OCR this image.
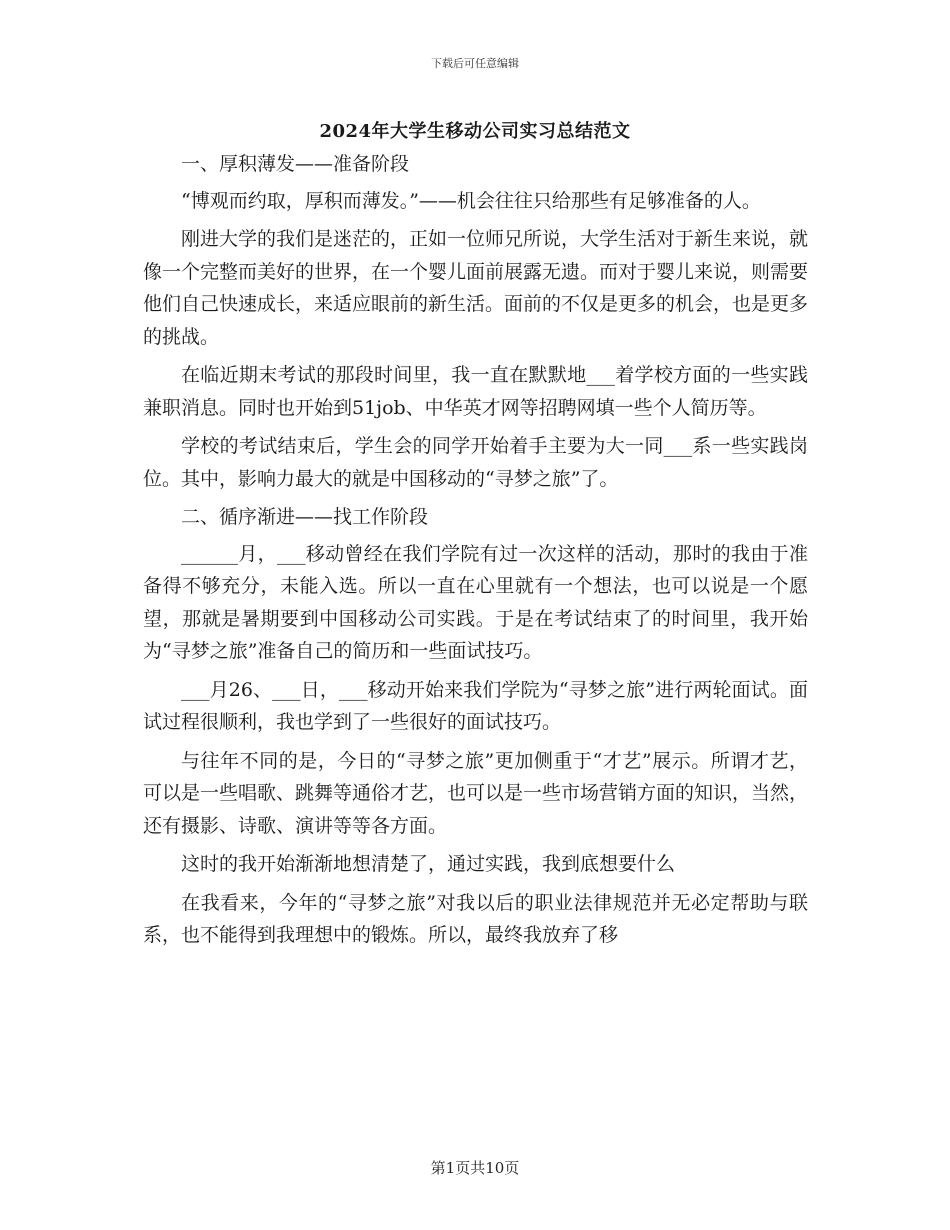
下载后可任意编辑
2024年大学生移动公司实习总结范文

一、厚积薄发——准备阶段

“博观而约取，厚积而薄发。”——机会往往只给那些有足够准备的人。

刚进大学的我们是迷茫的，正如一位师兄所说，大学生活对于新生来说，就像一个完整而美好的世界，在一个婴儿面前展露无遗。而对于婴儿来说，则需要他们自己快速成长，来适应眼前的新生活。面前的不仅是更多的机会，也是更多的挑战。

在临近期末考试的那段时间里，我一直在默默地___着学校方面的一些实践兼职消息。同时也开始到51job、中华英才网等招聘网填一些个人简历等。

学校的考试结束后，学生会的同学开始着手主要为大一同___系一些实践岗位。其中，影响力最大的就是中国移动的“寻梦之旅”了。

二、循序渐进——找工作阶段

______月，___移动曾经在我们学院有过一次这样的活动，那时的我由于准备得不够充分，未能入选。所以一直在心里就有一个想法，也可以说是一个愿望，那就是暑期要到中国移动公司实践。于是在考试结束了的时间里，我开始为“寻梦之旅”准备自己的简历和一些面试技巧。

___月26、___日，___移动开始来我们学院为“寻梦之旅”进行两轮面试。面试过程很顺利，我也学到了一些很好的面试技巧。

与往年不同的是，今日的“寻梦之旅”更加侧重于“才艺”展示。所谓才艺，可以是一些唱歌、跳舞等通俗才艺，也可以是一些市场营销方面的知识，当然，还有摄影、诗歌、演讲等等各方面。

这时的我开始渐渐地想清楚了，通过实践，我到底想要什么

在我看来，今年的“寻梦之旅”对我以后的职业法律规范并无必定帮助与联系，也不能得到我理想中的锻炼。所以，最终我放弃了移

第1页共10页
